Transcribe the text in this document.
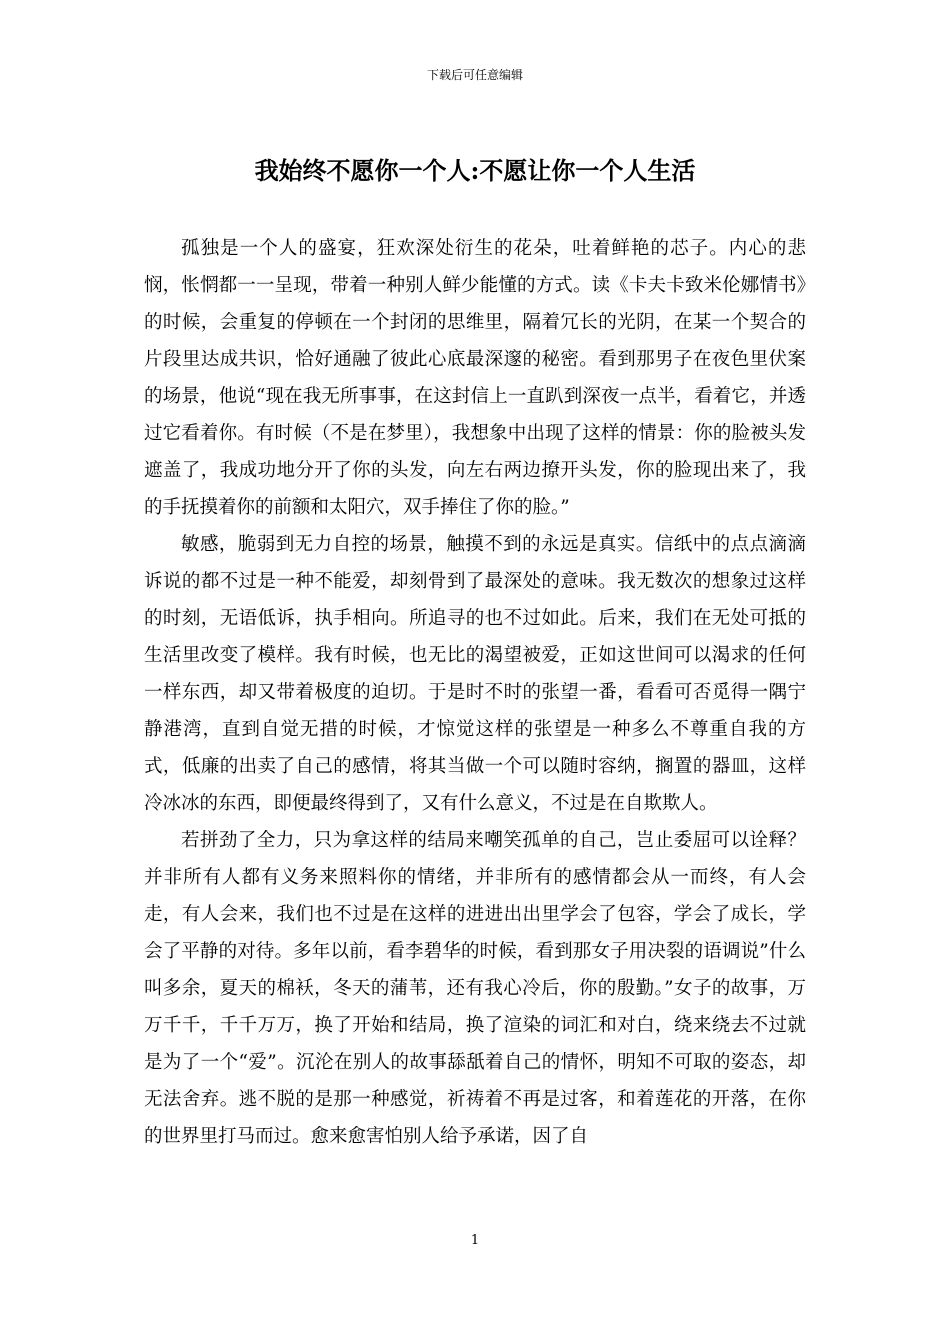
下载后可任意编辑
我始终不愿你一个人:不愿让你一个人生活

孤独是一个人的盛宴，狂欢深处衍生的花朵，吐着鲜艳的芯子。内心的悲悯，怅惘都一一呈现，带着一种别人鲜少能懂的方式。读《卡夫卡致米伦娜情书》的时候，会重复的停顿在一个封闭的思维里，隔着冗长的光阴，在某一个契合的片段里达成共识，恰好通融了彼此心底最深邃的秘密。看到那男子在夜色里伏案的场景，他说“现在我无所事事，在这封信上一直趴到深夜一点半，看着它，并透过它看着你。有时候（不是在梦里），我想象中出现了这样的情景：你的脸被头发遮盖了，我成功地分开了你的头发，向左右两边撩开头发，你的脸现出来了，我的手抚摸着你的前额和太阳穴，双手捧住了你的脸。”

敏感，脆弱到无力自控的场景，触摸不到的永远是真实。信纸中的点点滴滴诉说的都不过是一种不能爱，却刻骨到了最深处的意味。我无数次的想象过这样的时刻，无语低诉，执手相向。所追寻的也不过如此。后来，我们在无处可抵的生活里改变了模样。我有时候，也无比的渴望被爱，正如这世间可以渴求的任何一样东西，却又带着极度的迫切。于是时不时的张望一番，看看可否觅得一隅宁静港湾，直到自觉无措的时候，才惊觉这样的张望是一种多么不尊重自我的方式，低廉的出卖了自己的感情，将其当做一个可以随时容纳，搁置的器皿，这样冷冰冰的东西，即便最终得到了，又有什么意义，不过是在自欺欺人。

若拼劲了全力，只为拿这样的结局来嘲笑孤单的自己，岂止委屈可以诠释？并非所有人都有义务来照料你的情绪，并非所有的感情都会从一而终，有人会走，有人会来，我们也不过是在这样的进进出出里学会了包容，学会了成长，学会了平静的对待。多年以前，看李碧华的时候，看到那女子用决裂的语调说”什么叫多余，夏天的棉袄，冬天的蒲苇，还有我心冷后，你的殷勤。”女子的故事，万万千千，千千万万，换了开始和结局，换了渲染的词汇和对白，绕来绕去不过就是为了一个“爱”。沉沦在别人的故事舔舐着自己的情怀，明知不可取的姿态，却无法舍弃。逃不脱的是那一种感觉，祈祷着不再是过客，和着莲花的开落，在你的世界里打马而过。愈来愈害怕别人给予承诺，因了自

1
